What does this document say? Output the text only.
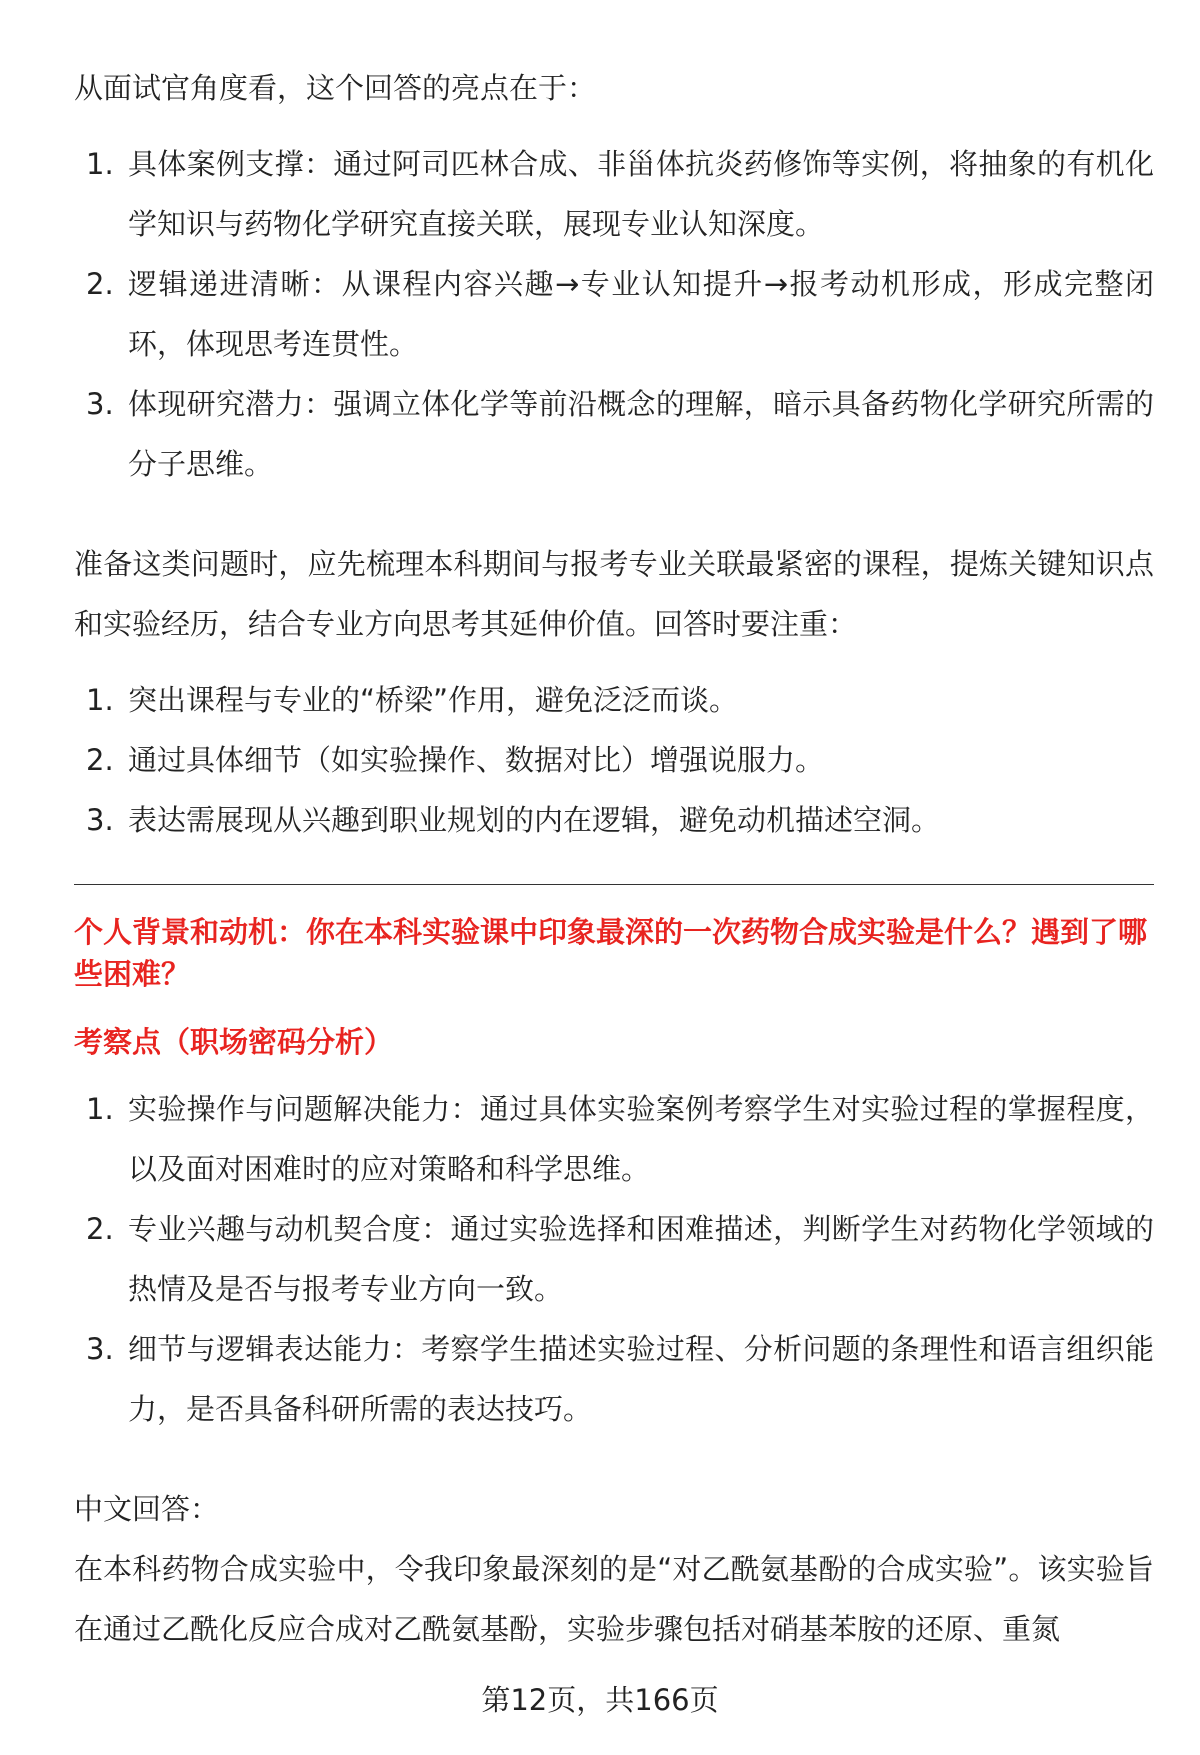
从面试官角度看，这个回答的亮点在于：

1. 具体案例支撑：通过阿司匹林合成、非甾体抗炎药修饰等实例，将抽象的有机化学知识与药物化学研究直接关联，展现专业认知深度。
2. 逻辑递进清晰：从课程内容兴趣→专业认知提升→报考动机形成，形成完整闭环，体现思考连贯性。
3. 体现研究潜力：强调立体化学等前沿概念的理解，暗示具备药物化学研究所需的分子思维。

准备这类问题时，应先梳理本科期间与报考专业关联最紧密的课程，提炼关键知识点和实验经历，结合专业方向思考其延伸价值。回答时要注重：

1. 突出课程与专业的“桥梁”作用，避免泛泛而谈。
2. 通过具体细节（如实验操作、数据对比）增强说服力。
3. 表达需展现从兴趣到职业规划的内在逻辑，避免动机描述空洞。
个人背景和动机：你在本科实验课中印象最深的一次药物合成实验是什么？遇到了哪些困难？
考察点（职场密码分析）
1. 实验操作与问题解决能力：通过具体实验案例考察学生对实验过程的掌握程度，以及面对困难时的应对策略和科学思维。
2. 专业兴趣与动机契合度：通过实验选择和困难描述，判断学生对药物化学领域的热情及是否与报考专业方向一致。
3. 细节与逻辑表达能力：考察学生描述实验过程、分析问题的条理性和语言组织能力，是否具备科研所需的表达技巧。

中文回答：

在本科药物合成实验中，令我印象最深刻的是“对乙酰氨基酚的合成实验”。该实验旨在通过乙酰化反应合成对乙酰氨基酚，实验步骤包括对硝基苯胺的还原、重氮

第12页，共166页
